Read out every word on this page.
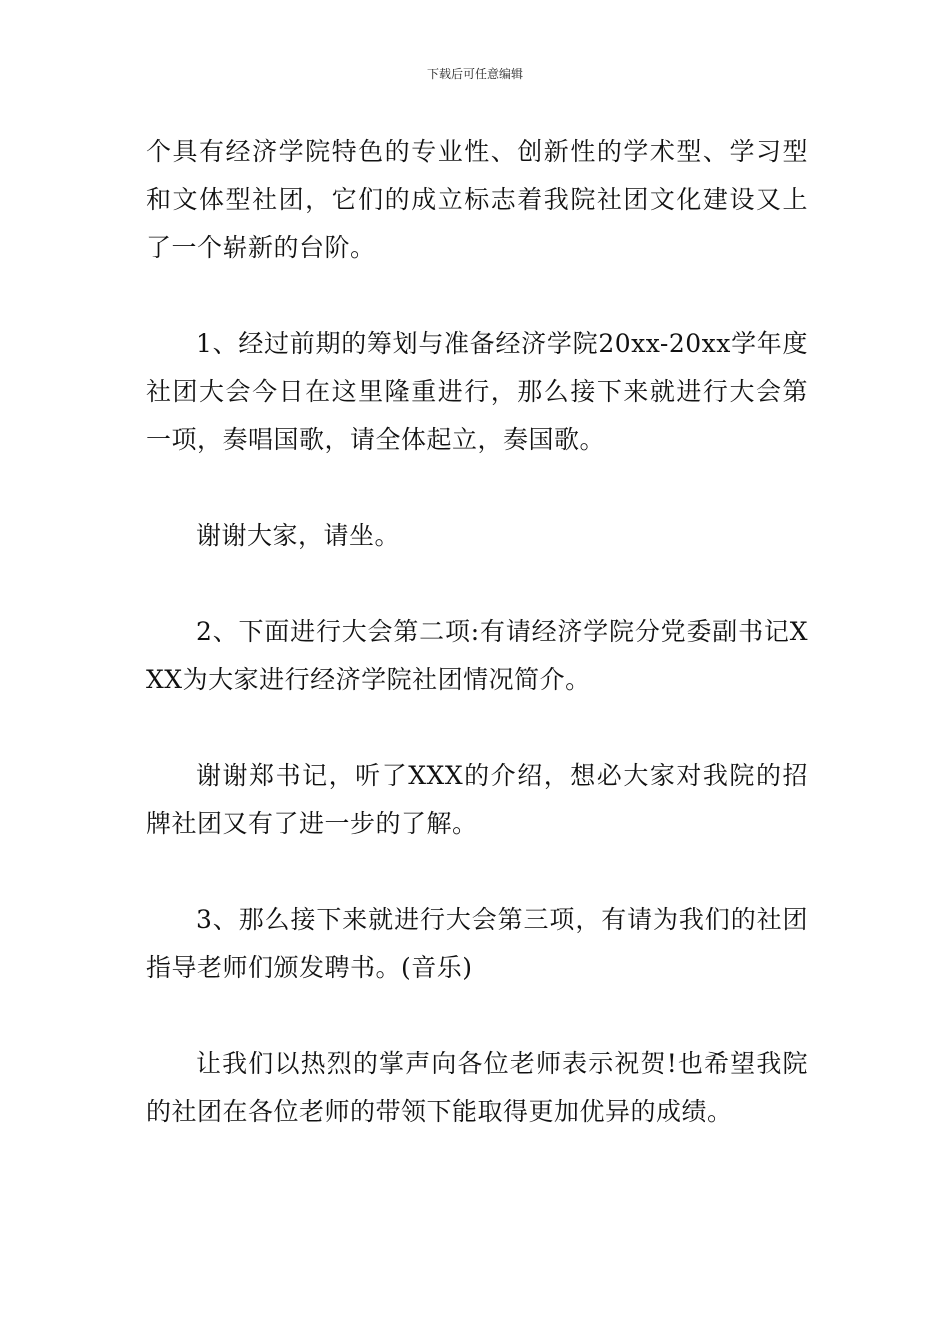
下载后可任意编辑

个具有经济学院特色的专业性、创新性的学术型、学习型和文体型社团，它们的成立标志着我院社团文化建设又上了一个崭新的台阶。

1、经过前期的筹划与准备经济学院20xx-20xx学年度社团大会今日在这里隆重进行，那么接下来就进行大会第一项，奏唱国歌，请全体起立，奏国歌。

谢谢大家，请坐。

2、下面进行大会第二项:有请经济学院分党委副书记XXX为大家进行经济学院社团情况简介。

谢谢郑书记，听了XXX的介绍，想必大家对我院的招牌社团又有了进一步的了解。

3、那么接下来就进行大会第三项，有请为我们的社团指导老师们颁发聘书。(音乐)

让我们以热烈的掌声向各位老师表示祝贺!也希望我院的社团在各位老师的带领下能取得更加优异的成绩。
